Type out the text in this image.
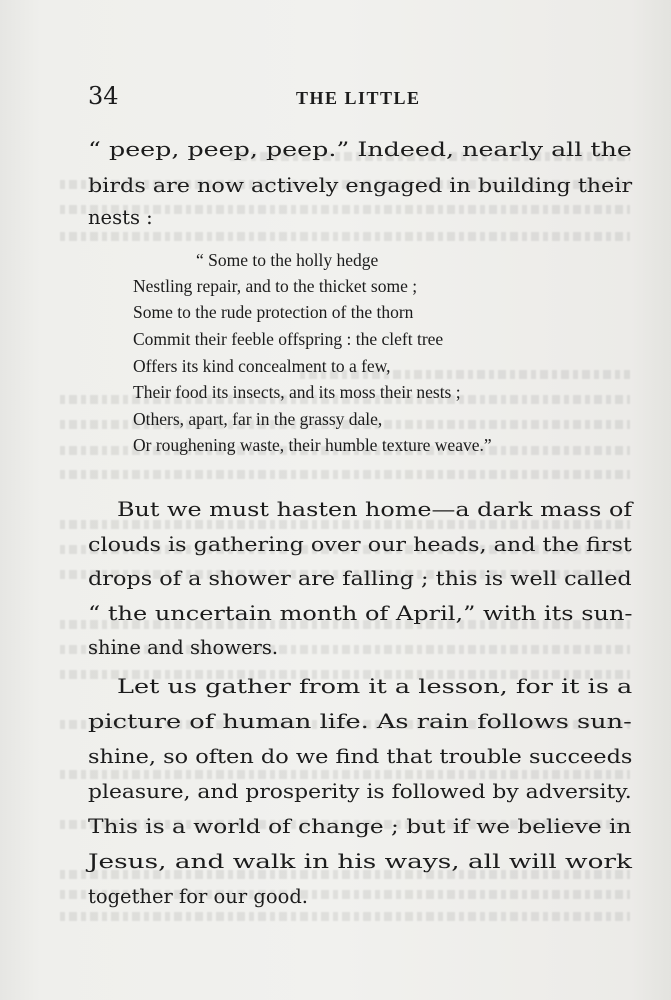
34	THE LITTLE
“ peep, peep, peep.” Indeed, nearly all the
birds are now actively engaged in building their
nests :
“ Some to the holly hedge
Nestling repair, and to the thicket some ;
Some to the rude protection of the thorn
Commit their feeble offspring : the cleft tree
Offers its kind concealment to a few,
Their food its insects, and its moss their nests ;
Others, apart, far in the grassy dale,
Or roughening waste, their humble texture weave.”
But we must hasten home—a dark mass of
clouds is gathering over our heads, and the first
drops of a shower are falling ; this is well called
“ the uncertain month of April,” with its sun-
shine and showers.
Let us gather from it a lesson, for it is a
picture of human life. As rain follows sun-
shine, so often do we find that trouble succeeds
pleasure, and prosperity is followed by adversity.
This is a world of change ; but if we believe in
Jesus, and walk in his ways, all will work
together for our good.
